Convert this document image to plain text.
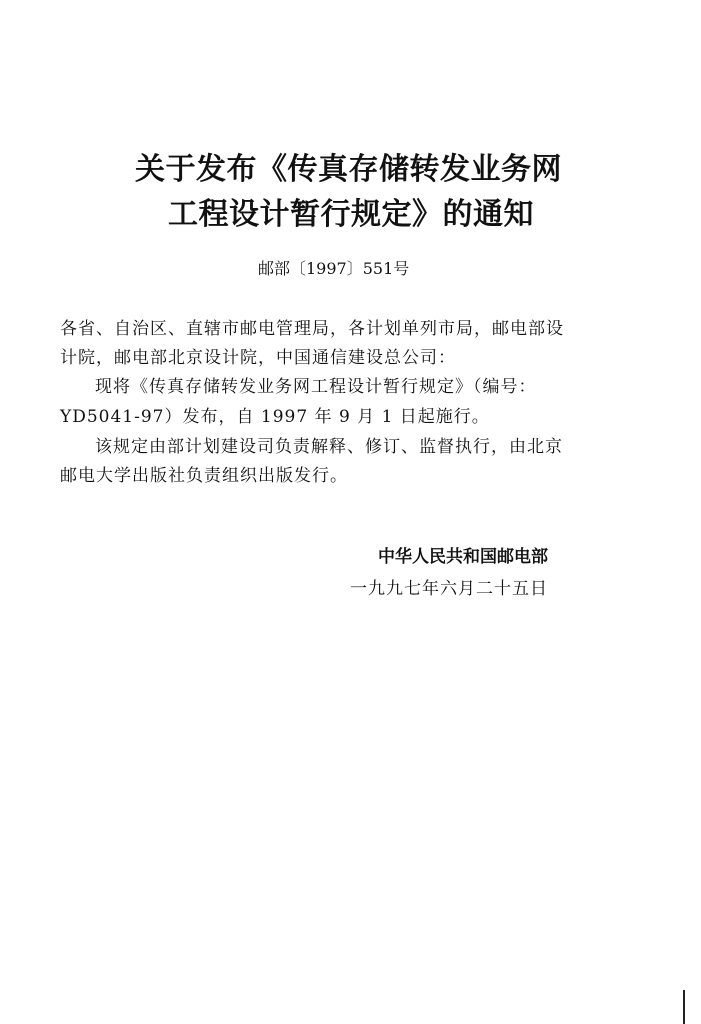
关于发布《传真存储转发业务网
工程设计暂行规定》的通知
邮部〔1997〕551号
各省、自治区、直辖市邮电管理局，各计划单列市局，邮电部设
计院，邮电部北京设计院，中国通信建设总公司：
现将《传真存储转发业务网工程设计暂行规定》（编号：
YD5041-97）发布，自 1997 年 9 月 1 日起施行。
该规定由部计划建设司负责解释、修订、监督执行，由北京
邮电大学出版社负责组织出版发行。
中华人民共和国邮电部
一九九七年六月二十五日
